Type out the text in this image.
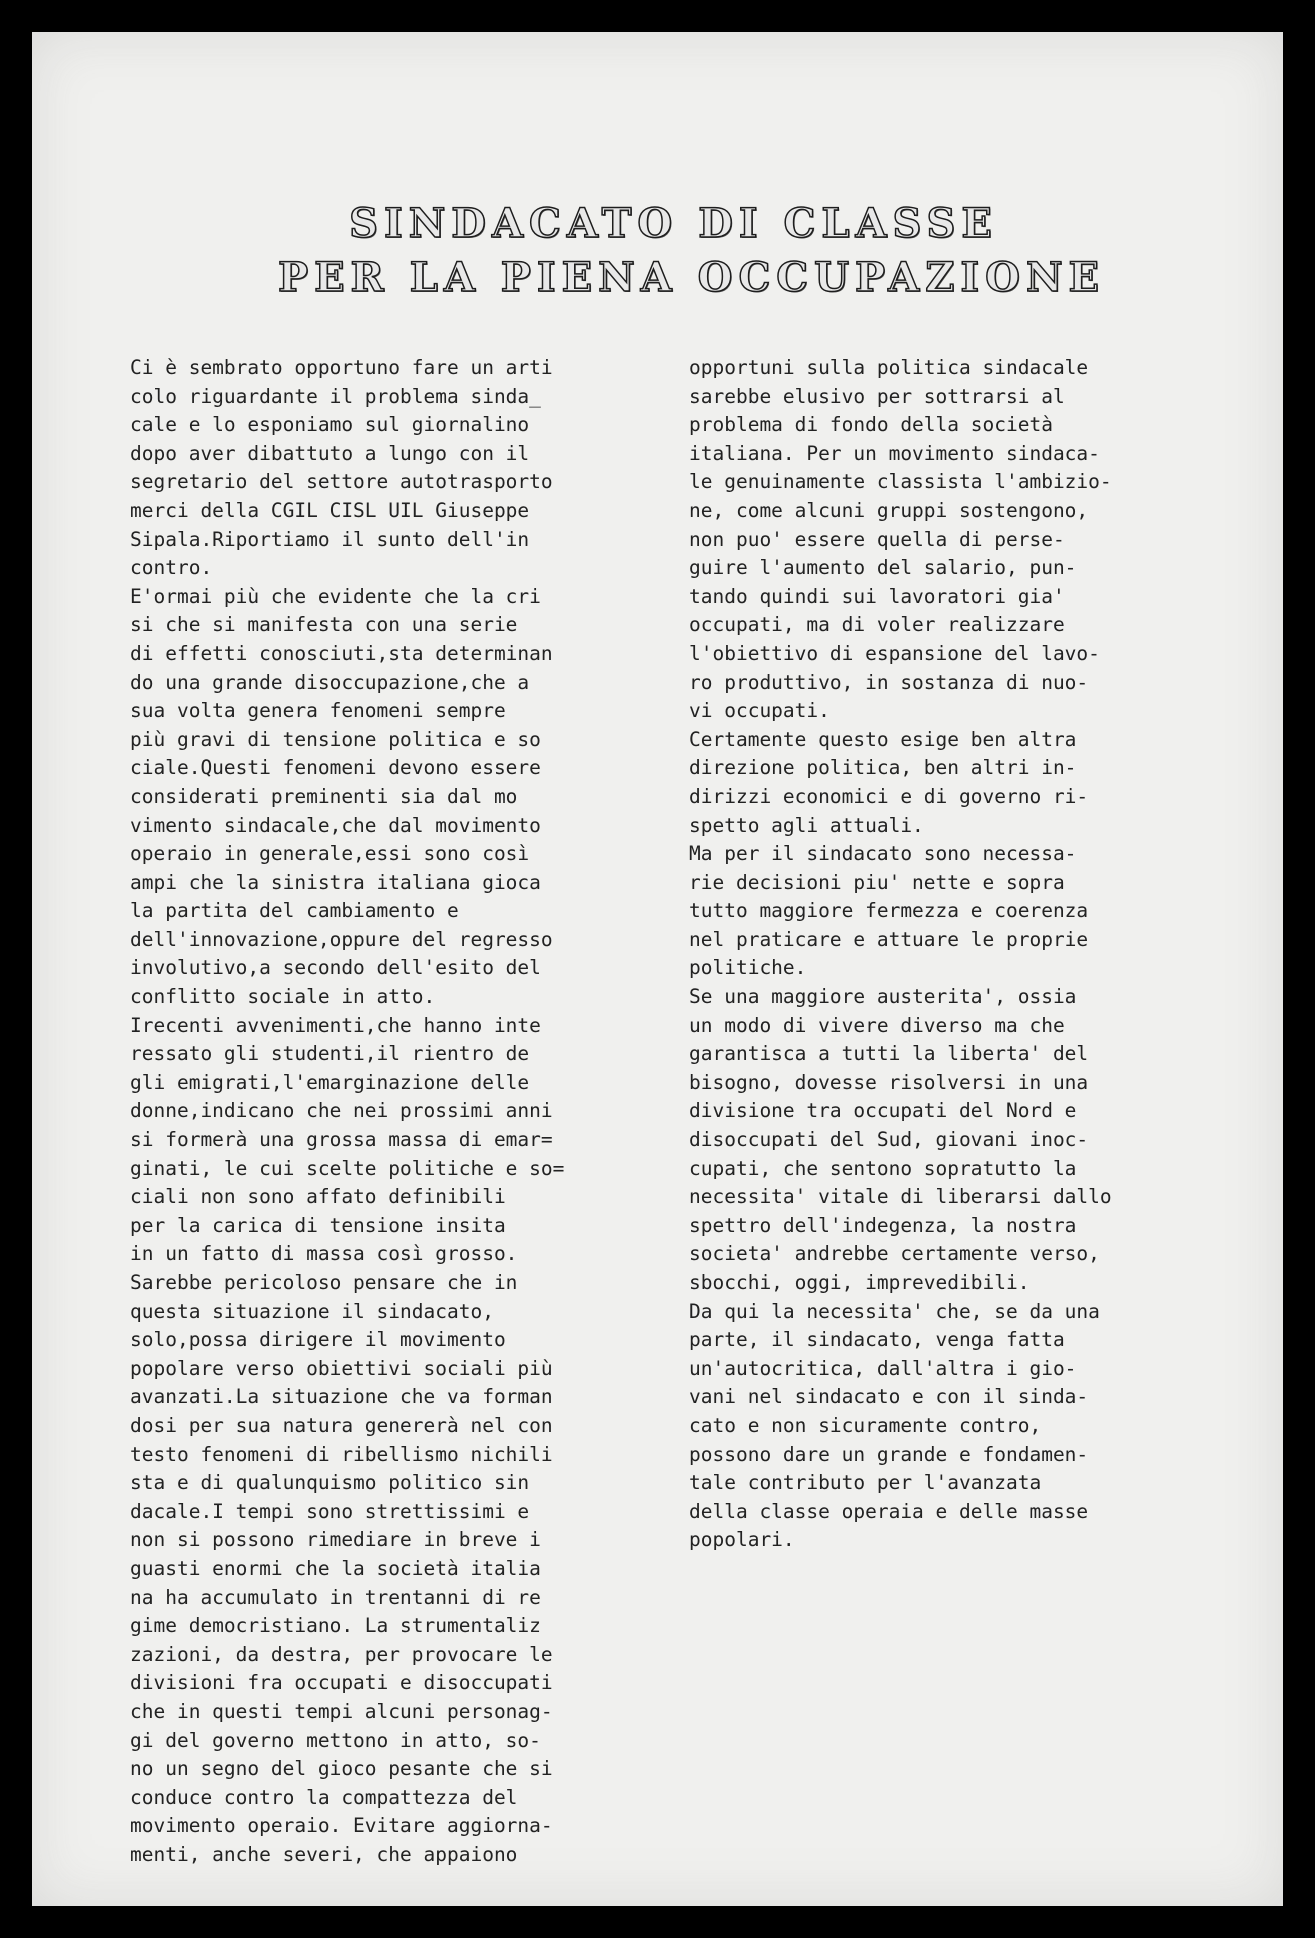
SINDACATO DI CLASSE
PER LA PIENA OCCUPAZIONE
Ci è sembrato opportuno fare un arti
colo riguardante il problema sinda_
cale e lo esponiamo sul giornalino
dopo aver dibattuto a lungo con il
segretario del settore autotrasporto
merci della CGIL CISL UIL Giuseppe
Sipala.Riportiamo il sunto dell'in
contro.
E'ormai più che evidente che la cri
si che si manifesta con una serie
di effetti conosciuti,sta determinan
do una grande disoccupazione,che a
sua volta genera fenomeni sempre
più gravi di tensione politica e so
ciale.Questi fenomeni devono essere
considerati preminenti sia dal mo
vimento sindacale,che dal movimento
operaio in generale,essi sono così
ampi che la sinistra italiana gioca
la partita del cambiamento e
dell'innovazione,oppure del regresso
involutivo,a secondo dell'esito del
conflitto sociale in atto.
Irecenti avvenimenti,che hanno inte
ressato gli studenti,il rientro de
gli emigrati,l'emarginazione delle
donne,indicano che nei prossimi anni
si formerà una grossa massa di emar=
ginati, le cui scelte politiche e so=
ciali non sono affato definibili
per la carica di tensione insita
in un fatto di massa così grosso.
Sarebbe pericoloso pensare che in
questa situazione il sindacato,
solo,possa dirigere il movimento
popolare verso obiettivi sociali più
avanzati.La situazione che va forman
dosi per sua natura genererà nel con
testo fenomeni di ribellismo nichili
sta e di qualunquismo politico sin
dacale.I tempi sono strettissimi e
non si possono rimediare in breve i
guasti enormi che la società italia
na ha accumulato in trentanni di re
gime democristiano. La strumentaliz
zazioni, da destra, per provocare le
divisioni fra occupati e disoccupati
che in questi tempi alcuni personag-
gi del governo mettono in atto, so-
no un segno del gioco pesante che si
conduce contro la compattezza del
movimento operaio. Evitare aggiorna-
menti, anche severi, che appaiono
opportuni sulla politica sindacale
sarebbe elusivo per sottrarsi al
problema di fondo della società
italiana. Per un movimento sindaca-
le genuinamente classista l'ambizio-
ne, come alcuni gruppi sostengono,
non puo' essere quella di perse-
guire l'aumento del salario, pun-
tando quindi sui lavoratori gia'
occupati, ma di voler realizzare
l'obiettivo di espansione del lavo-
ro produttivo, in sostanza di nuo-
vi occupati.
Certamente questo esige ben altra
direzione politica, ben altri in-
dirizzi economici e di governo ri-
spetto agli attuali.
Ma per il sindacato sono necessa-
rie decisioni piu' nette e sopra
tutto maggiore fermezza e coerenza
nel praticare e attuare le proprie
politiche.
Se una maggiore austerita', ossia
un modo di vivere diverso ma che
garantisca a tutti la liberta' del
bisogno, dovesse risolversi in una
divisione tra occupati del Nord e
disoccupati del Sud, giovani inoc-
cupati, che sentono sopratutto la
necessita' vitale di liberarsi dallo
spettro dell'indegenza, la nostra
societa' andrebbe certamente verso,
sbocchi, oggi, imprevedibili.
Da qui la necessita' che, se da una
parte, il sindacato, venga fatta
un'autocritica, dall'altra i gio-
vani nel sindacato e con il sinda-
cato e non sicuramente contro,
possono dare un grande e fondamen-
tale contributo per l'avanzata
della classe operaia e delle masse
popolari.
